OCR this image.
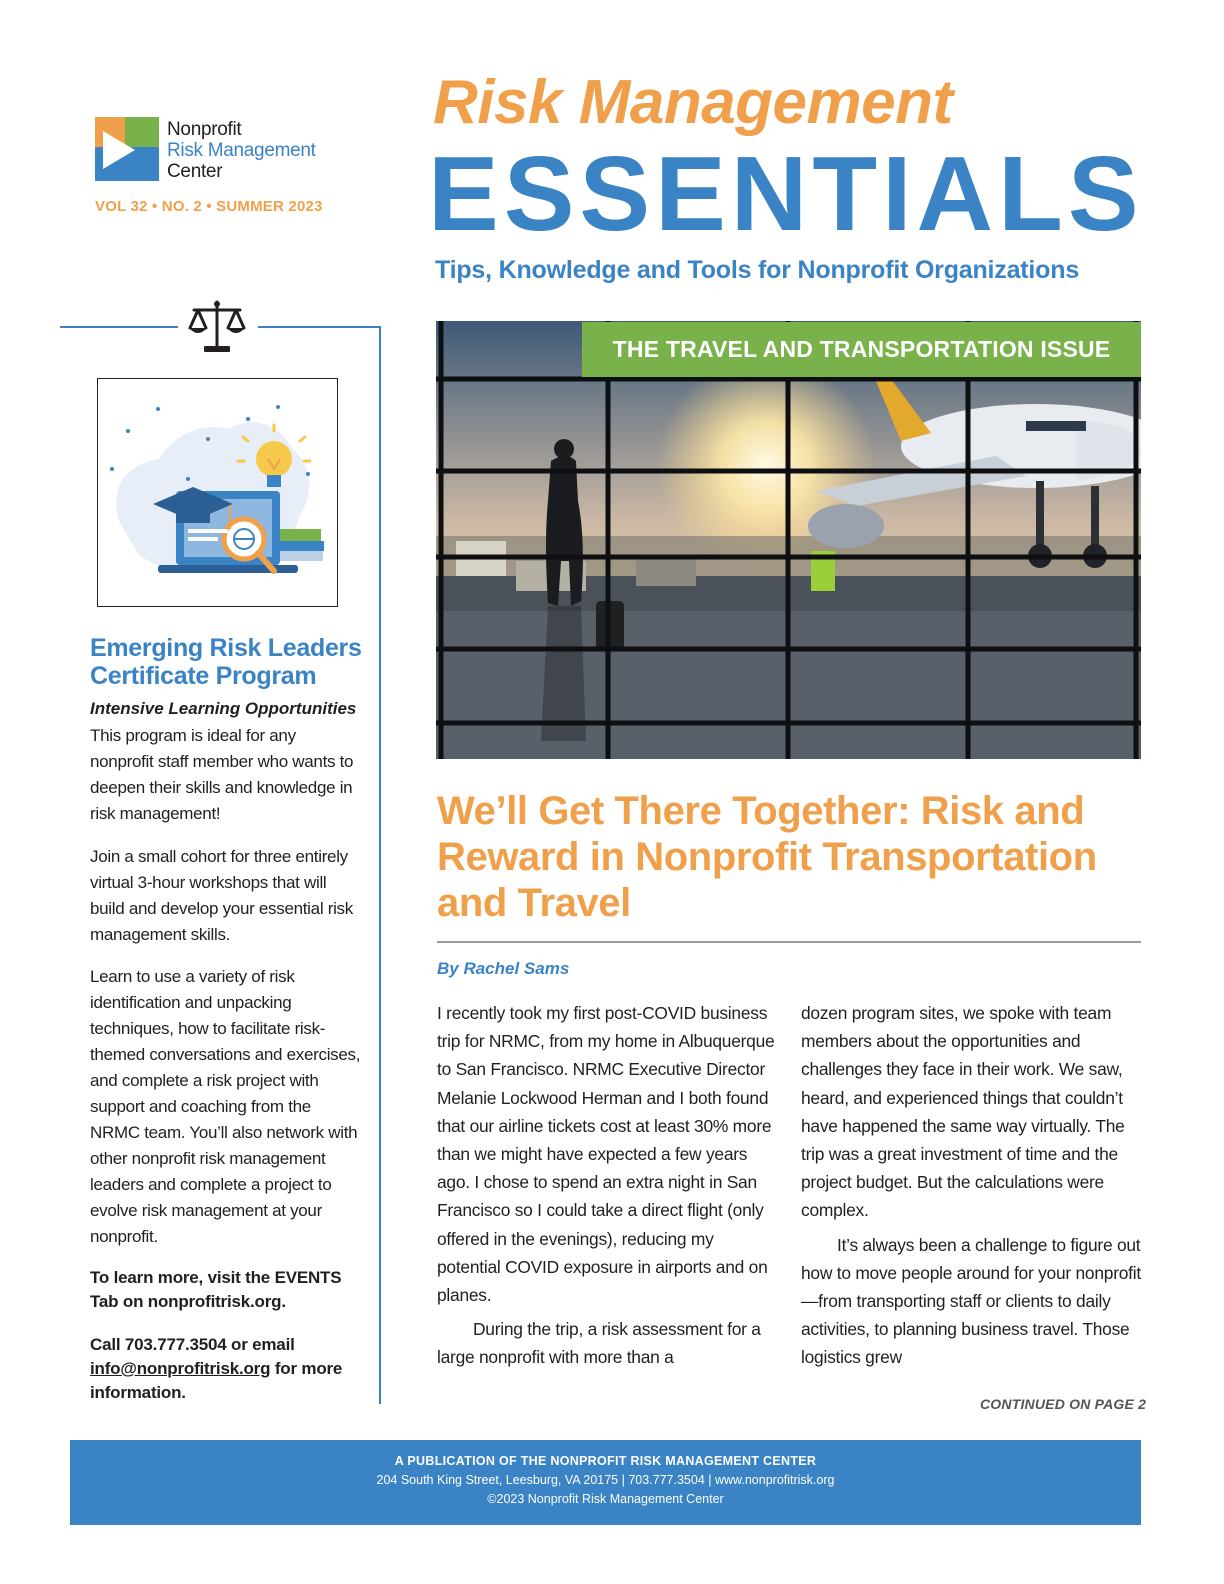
Nonprofit
Risk Management
Center
VOL 32 • NO. 2 • SUMMER 2023
Risk Management
ESSENTIALS
Tips, Knowledge and Tools for Nonprofit Organizations
Emerging Risk Leaders Certificate Program
Intensive Learning Opportunities
This program is ideal for any nonprofit staff member who wants to deepen their skills and knowledge in risk management!
Join a small cohort for three entirely virtual 3-hour workshops that will build and develop your essential risk management skills.
Learn to use a variety of risk identification and unpacking techniques, how to facilitate risk-themed conversations and exercises, and complete a risk project with support and coaching from the NRMC team. You’ll also network with other nonprofit risk management leaders and complete a project to evolve risk management at your nonprofit.
To learn more, visit the EVENTS Tab on nonprofitrisk.org.
Call 703.777.3504 or email info@nonprofitrisk.org for more information.
THE TRAVEL AND TRANSPORTATION ISSUE
We’ll Get There Together: Risk and Reward in Nonprofit Transportation and Travel
By Rachel Sams

I recently took my first post-COVID business trip for NRMC, from my home in Albuquerque to San Francisco. NRMC Executive Director Melanie Lockwood Herman and I both found that our airline tickets cost at least 30% more than we might have expected a few years ago. I chose to spend an extra night in San Francisco so I could take a direct flight (only offered in the evenings), reducing my potential COVID exposure in airports and on planes.

During the trip, a risk assessment for a large nonprofit with more than a

dozen program sites, we spoke with team members about the opportunities and challenges they face in their work. We saw, heard, and experienced things that couldn’t have happened the same way virtually. The trip was a great investment of time and the project budget. But the calculations were complex.

It’s always been a challenge to figure out how to move people around for your nonprofit—from transporting staff or clients to daily activities, to planning business travel. Those logistics grew

CONTINUED ON PAGE 2
A PUBLICATION OF THE NONPROFIT RISK MANAGEMENT CENTER
204 South King Street, Leesburg, VA 20175 | 703.777.3504 | www.nonprofitrisk.org
©2023 Nonprofit Risk Management Center
